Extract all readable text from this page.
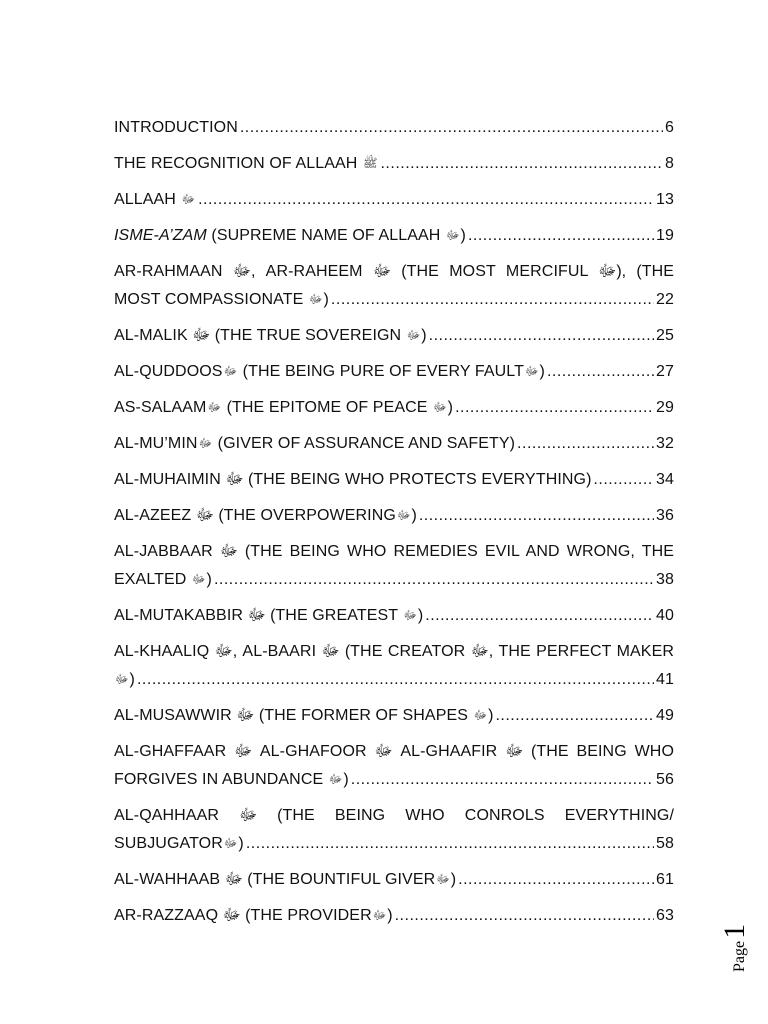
INTRODUCTION .....	6
THE RECOGNITION OF ALLAAH ﷺ .....	8
ALLAAH ﷻ .....	13
ISME-A’ZAM (SUPREME NAME OF ALLAAH ﷻ) .....	19
AR-RAHMAAN ﷻ, AR-RAHEEM ﷻ (THE MOST MERCIFUL ﷻ), (THE
MOST COMPASSIONATE ﷻ) .....	22
AL-MALIK ﷻ (THE TRUE SOVEREIGN ﷻ) .....	25
AL-QUDDOOSﷻ (THE BEING PURE OF EVERY FAULTﷻ) .....	27
AS-SALAAMﷻ (THE EPITOME OF PEACE ﷻ) .....	29
AL-MU’MINﷻ (GIVER OF ASSURANCE AND SAFETY) .....	32
AL-MUHAIMIN ﷻ (THE BEING WHO PROTECTS EVERYTHING) .....	34
AL-AZEEZ ﷻ (THE OVERPOWERINGﷻ) .....	36
AL-JABBAAR ﷻ (THE BEING WHO REMEDIES EVIL AND WRONG, THE
EXALTED ﷻ) .....	38
AL-MUTAKABBIR ﷻ (THE GREATEST ﷻ) .....	40
AL-KHAALIQ ﷻ, AL-BAARI ﷻ (THE CREATOR ﷻ, THE PERFECT MAKER
ﷻ) .....	41
AL-MUSAWWIR ﷻ (THE FORMER OF SHAPES ﷻ) .....	49
AL-GHAFFAAR ﷻ AL-GHAFOOR ﷻ AL-GHAAFIR ﷻ (THE BEING WHO
FORGIVES IN ABUNDANCE ﷻ) .....	56
AL-QAHHAAR ﷻ (THE BEING WHO CONROLS EVERYTHING/
SUBJUGATORﷻ) .....	58
AL-WAHHAAB ﷻ (THE BOUNTIFUL GIVERﷻ) .....	61
AR-RAZZAAQ ﷻ (THE PROVIDERﷻ) .....	63
Page
1
